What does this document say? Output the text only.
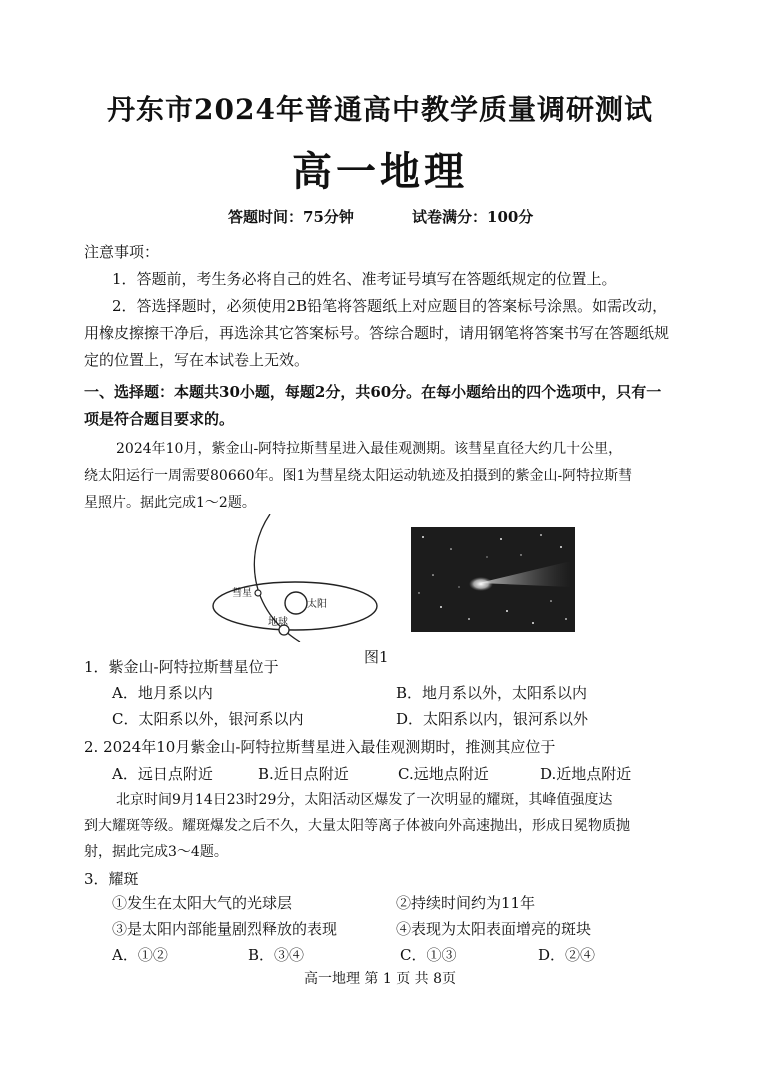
丹东市2024年普通高中教学质量调研测试
高一地理
答题时间：75分钟	试卷满分：100分
注意事项：
1．答题前，考生务必将自己的姓名、准考证号填写在答题纸规定的位置上。
2．答选择题时，必须使用2B铅笔将答题纸上对应题目的答案标号涂黑。如需改动，
用橡皮擦擦干净后，再选涂其它答案标号。答综合题时，请用钢笔将答案书写在答题纸规
定的位置上，写在本试卷上无效。
一、选择题：本题共30小题，每题2分，共60分。在每小题给出的四个选项中，只有一
项是符合题目要求的。
2024年10月，紫金山-阿特拉斯彗星进入最佳观测期。该彗星直径大约几十公里，
绕太阳运行一周需要80660年。图1为彗星绕太阳运动轨迹及拍摄到的紫金山-阿特拉斯彗
星照片。据此完成1～2题。
彗星
太阳
地球
图1
1．紫金山-阿特拉斯彗星位于
A．地月系以内	B．地月系以外，太阳系以内
C．太阳系以外，银河系以内	D．太阳系以内，银河系以外
2. 2024年10月紫金山-阿特拉斯彗星进入最佳观测期时，推测其应位于
A．远日点附近	B.近日点附近	C.远地点附近	D.近地点附近
北京时间9月14日23时29分，太阳活动区爆发了一次明显的耀斑，其峰值强度达
到大耀斑等级。耀斑爆发之后不久，大量太阳等离子体被向外高速抛出，形成日冕物质抛
射，据此完成3～4题。
3．耀斑
①发生在太阳大气的光球层	②持续时间约为11年
③是太阳内部能量剧烈释放的表现	④表现为太阳表面增亮的斑块
A．①②	B．③④	C．①③	D．②④
高一地理 第 1 页 共 8页
